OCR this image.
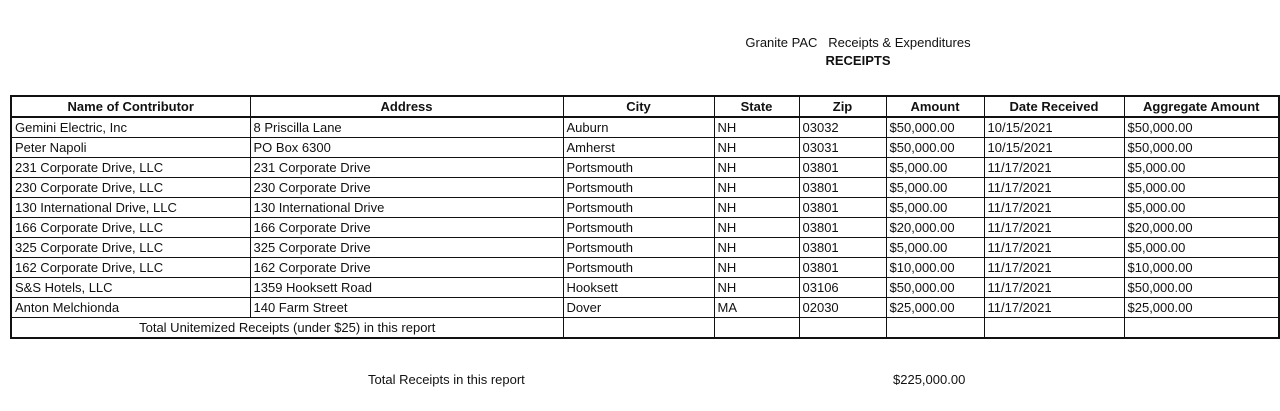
Granite PAC   Receipts & Expenditures
RECEIPTS
Name of Contributor	Address	City	State	Zip	Amount	Date Received	Aggregate Amount
Gemini Electric, Inc	8 Priscilla Lane	Auburn	NH	03032	$50,000.00	10/15/2021	$50,000.00
Peter Napoli	PO Box 6300	Amherst	NH	03031	$50,000.00	10/15/2021	$50,000.00
231 Corporate Drive, LLC	231 Corporate Drive	Portsmouth	NH	03801	$5,000.00	11/17/2021	$5,000.00
230 Corporate Drive, LLC	230 Corporate Drive	Portsmouth	NH	03801	$5,000.00	11/17/2021	$5,000.00
130 International Drive, LLC	130 International Drive	Portsmouth	NH	03801	$5,000.00	11/17/2021	$5,000.00
166 Corporate Drive, LLC	166 Corporate Drive	Portsmouth	NH	03801	$20,000.00	11/17/2021	$20,000.00
325 Corporate Drive, LLC	325 Corporate Drive	Portsmouth	NH	03801	$5,000.00	11/17/2021	$5,000.00
162 Corporate Drive, LLC	162 Corporate Drive	Portsmouth	NH	03801	$10,000.00	11/17/2021	$10,000.00
S&S Hotels, LLC	1359 Hooksett Road	Hooksett	NH	03106	$50,000.00	11/17/2021	$50,000.00
Anton Melchionda	140 Farm Street	Dover	MA	02030	$25,000.00	11/17/2021	$25,000.00
Total Unitemized Receipts (under $25) in this report							
Total Receipts in this report	$225,000.00
